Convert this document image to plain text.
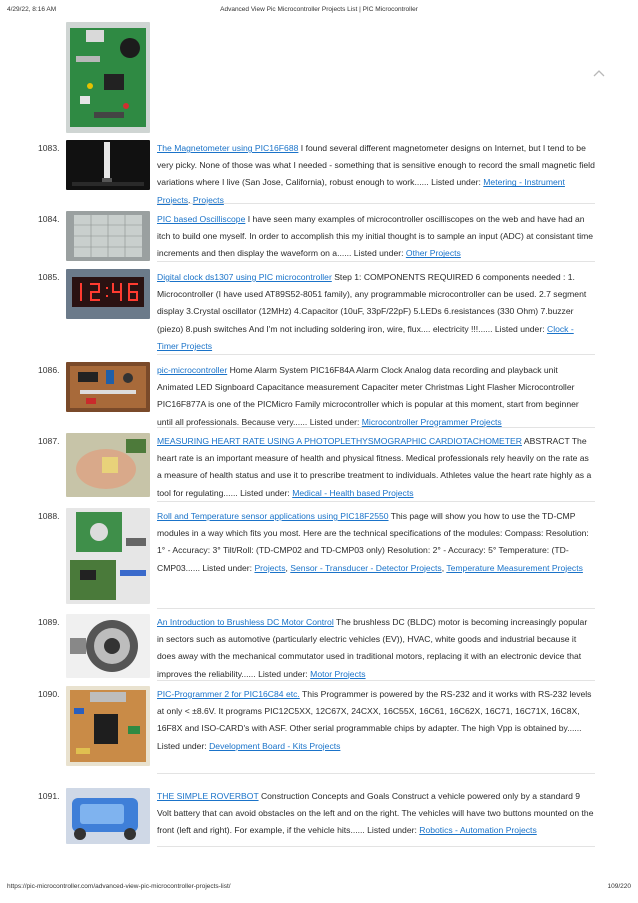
4/29/22, 8:16 AM	Advanced View Pic Microcontroller Projects List | PIC Microcontroller
1083.	The Magnetometer using PIC16F688 I found several different magnetometer designs on Internet, but I tend to be very picky. None of those was what I needed - something that is sensitive enough to record the small magnetic field variations where I live (San Jose, California), robust enough to work...... Listed under: Metering - Instrument Projects, Projects
1084.	PIC based Oscilliscope I have seen many examples of microcontroller oscilliscopes on the web and have had an itch to build one myself. In order to accomplish this my initial thought is to sample an input (ADC) at consistant time increments and then display the waveform on a...... Listed under: Other Projects
1085.	Digital clock ds1307 using PIC microcontroller Step 1: COMPONENTS REQUIRED 6 components needed : 1. Microcontroller (I have used AT89S52-8051 family), any programmable microcontroller can be used. 2.7 segment display 3.Crystal oscillator (12MHz) 4.Capacitor (10uF, 33pF/22pF) 5.LEDs 6.resistances (330 Ohm) 7.buzzer (piezo) 8.push switches And I'm not including soldering iron, wire, flux.... electricity !!!...... Listed under: Clock - Timer Projects
1086.	pic-microcontroller Home Alarm System PIC16F84A Alarm Clock Analog data recording and playback unit Animated LED Signboard Capacitance measurement Capaciter meter Christmas Light Flasher Microcontroller PIC16F877A is one of the PICMicro Family microcontroller which is popular at this moment, start from beginner until all professionals. Because very...... Listed under: Microcontroller Programmer Projects
1087.	MEASURING HEART RATE USING A PHOTOPLETHYSMOGRAPHIC CARDIOTACHOMETER ABSTRACT The heart rate is an important measure of health and physical fitness. Medical professionals rely heavily on the rate as a measure of health status and use it to prescribe treatment to individuals. Athletes value the heart rate highly as a tool for regulating...... Listed under: Medical - Health based Projects
1088.	Roll and Temperature sensor applications using PIC18F2550 This page will show you how to use the TD-CMP modules in a way which fits you most. Here are the technical specifications of the modules: Compass: Resolution: 1° - Accuracy: 3° Tilt/Roll: (TD-CMP02 and TD-CMP03 only) Resolution: 2° - Accuracy: 5° Temperature: (TD-CMP03...... Listed under: Projects, Sensor - Transducer - Detector Projects, Temperature Measurement Projects
1089.	An Introduction to Brushless DC Motor Control The brushless DC (BLDC) motor is becoming increasingly popular in sectors such as automotive (particularly electric vehicles (EV)), HVAC, white goods and industrial because it does away with the mechanical commutator used in traditional motors, replacing it with an electronic device that improves the reliability...... Listed under: Motor Projects
1090.	PIC-Programmer 2 for PIC16C84 etc. This Programmer is powered by the RS-232 and it works with RS-232 levels at only < ±8.6V. It programs PIC12C5XX, 12C67X, 24CXX, 16C55X, 16C61, 16C62X, 16C71, 16C71X, 16C8X, 16F8X and ISO-CARD's with ASF. Other serial programmable chips by adapter. The high Vpp is obtained by...... Listed under: Development Board - Kits Projects
1091.	THE SIMPLE ROVERBOT Construction Concepts and Goals Construct a vehicle powered only by a standard 9 Volt battery that can avoid obstacles on the left and on the right. The vehicles will have two buttons mounted on the front (left and right). For example, if the vehicle hits...... Listed under: Robotics - Automation Projects
https://pic-microcontroller.com/advanced-view-pic-microcontroller-projects-list/	109/220
